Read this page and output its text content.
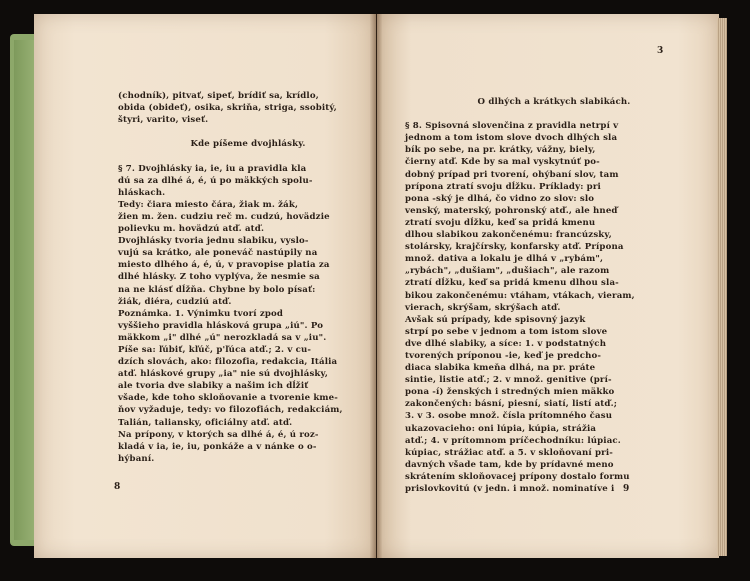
(chodník), pitvať, sipeť, brídiť sa, krídlo,
obida (obideť), osika, skriňa, striga, ssobitý,
štyri, varito, viseť.

Kde píšeme dvojhlásky.

§ 7. Dvojhlásky ia, ie, iu a pravidla kla
dú sa za dlhé á, é, ú po mäkkých spolu-
hláskach.
Tedy: čiara miesto čára, žiak m. žák,
žien m. žen. cudziu reč m. cudzú, hovädzie
polievku m. hovädzú atď. atď.
Dvojhlásky tvoria jednu slabiku, vyslo-
vujú sa krátko, ale poneváč nastúpily na
miesto dlhého á, é, ú, v pravopise platia za
dlhé hlásky. Z toho vyplýva, že nesmie sa
na ne klásť dĺžňa. Chybne by bolo písať:
žiák, diéra, cudziú atď.
Poznámka. 1. Výnimku tvorí zpod
vyššieho pravidla hlásková grupa „iú". Po
mäkkom „i" dlhé „ú" nerozkladá sa v „iu".
Píše sa: ľúbiť, kľúč, p'ľúca atď.; 2. v cu-
dzích slovách, ako: filozofia, redakcia, Itália
atď. hláskové grupy „ia" nie sú dvojhlásky,
ale tvoria dve slabiky a našim ich dĺžiť
všade, kde toho skloňovanie a tvorenie kme-
ňov vyžaduje, tedy: vo filozofiách, redakciám,
Talián, taliansky, oficiálny atď. atď.
Na prípony, v ktorých sa dlhé á, é, ú roz-
kladá v ia, ie, iu, ponkáže a v nánke o o-
hýbaní.
8
3
O dlhých a krátkych slabikách.

§ 8. Spisovná slovenčina z pravidla netrpí v
jednom a tom istom slove dvoch dlhých sla
bík po sebe, na pr. krátky, vážny, biely,
čierny atď. Kde by sa mal vyskytnúť po-
dobný prípad pri tvorení, ohýbaní slov, tam
prípona ztratí svoju dĺžku. Príklady: pri
pona -ský je dlhá, čo vidno zo slov: slo
venský, materský, pohronský atď., ale hneď
ztratí svoju dĺžku, keď sa pridá kmenu
dlhou slabikou zakončenému: francúzsky,
stolársky, krajčírsky, konfarsky atď. Prípona
množ. dativa a lokalu je dlhá v „rybám",
„rybách", „dušiam", „dušiach", ale razom
ztratí dĺžku, keď sa pridá kmenu dlhou sla-
bikou zakončenému: vtáham, vtákach, vieram,
vierach, skrýšam, skrýšach atď.
Avšak sú prípady, kde spisovný jazyk
strpí po sebe v jednom a tom istom slove
dve dlhé slabiky, a síce: 1. v podstatných
tvorených príponou -ie, keď je predcho-
diaca slabika kmeňa dlhá, na pr. práte
sintie, listie atď.; 2. v množ. genitive (prí-
pona -í) ženských i stredných mien mäkko
zakončených: básní, piesní, siatí, listí atď.;
3. v 3. osobe množ. čísla prítomného času
ukazovacieho: oni lúpia, kúpia, strážia
atď.; 4. v prítomnom príčechodníku: lúpiac.
kúpiac, strážiac atď. a 5. v skloňovaní pri-
davných všade tam, kde by prídavné meno
skrátením skloňovacej prípony dostalo formu
prislovkovitú (v jedn. i množ. nominatíve i 9
